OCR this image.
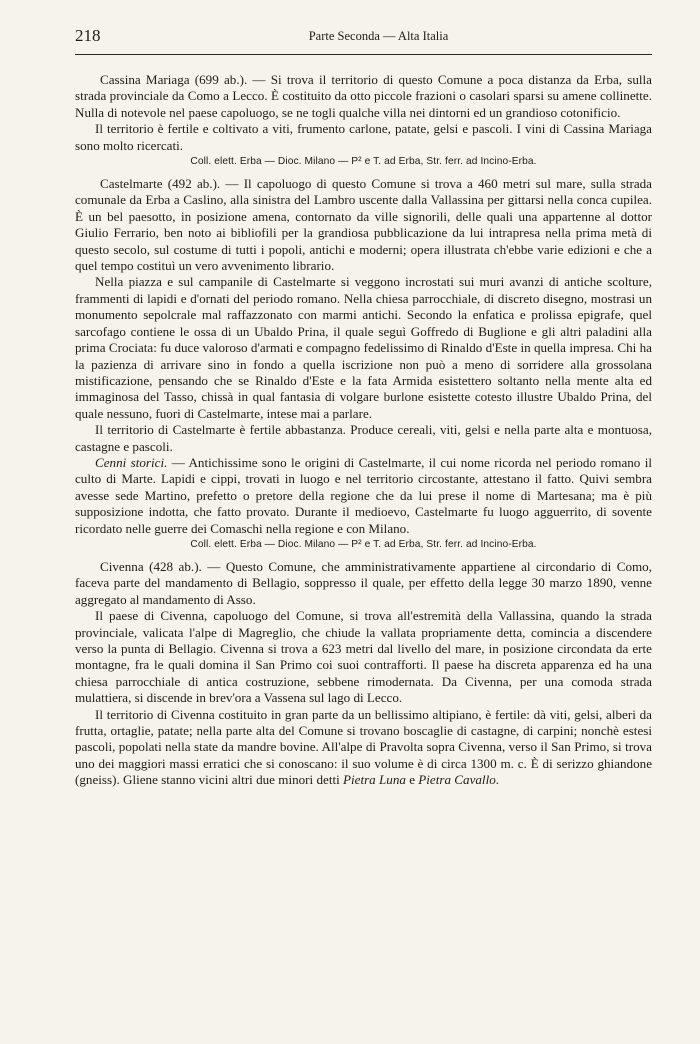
218	Parte Seconda — Alta Italia

Cassina Mariaga (699 ab.). — Si trova il territorio di questo Comune a poca distanza da Erba, sulla strada provinciale da Como a Lecco. È costituito da otto piccole frazioni o casolari sparsi su amene collinette. Nulla di notevole nel paese capoluogo, se ne togli qualche villa nei dintorni ed un grandioso cotonificio.

Il territorio è fertile e coltivato a viti, frumento carlone, patate, gelsi e pascoli. I vini di Cassina Mariaga sono molto ricercati.

Coll. elett. Erba — Dioc. Milano — P² e T. ad Erba, Str. ferr. ad Incino-Erba.

Castelmarte (492 ab.). — Il capoluogo di questo Comune si trova a 460 metri sul mare, sulla strada comunale da Erba a Caslino, alla sinistra del Lambro uscente dalla Vallassina per gittarsi nella conca cupilea. È un bel paesotto, in posizione amena, contornato da ville signorili, delle quali una appartenne al dottor Giulio Ferrario, ben noto ai bibliofili per la grandiosa pubblicazione da lui intrapresa nella prima metà di questo secolo, sul costume di tutti i popoli, antichi e moderni; opera illustrata ch'ebbe varie edizioni e che a quel tempo costituì un vero avvenimento librario.

Nella piazza e sul campanile di Castelmarte si veggono incrostati sui muri avanzi di antiche scolture, frammenti di lapidi e d'ornati del periodo romano. Nella chiesa parrocchiale, di discreto disegno, mostrasi un monumento sepolcrale mal raffazzonato con marmi antichi. Secondo la enfatica e prolissa epigrafe, quel sarcofago contiene le ossa di un Ubaldo Prina, il quale seguì Goffredo di Buglione e gli altri paladini alla prima Crociata: fu duce valoroso d'armati e compagno fedelissimo di Rinaldo d'Este in quella impresa. Chi ha la pazienza di arrivare sino in fondo a quella iscrizione non può a meno di sorridere alla grossolana mistificazione, pensando che se Rinaldo d'Este e la fata Armida esistettero soltanto nella mente alta ed immaginosa del Tasso, chissà in qual fantasia di volgare burlone esistette cotesto illustre Ubaldo Prina, del quale nessuno, fuori di Castelmarte, intese mai a parlare.

Il territorio di Castelmarte è fertile abbastanza. Produce cereali, viti, gelsi e nella parte alta e montuosa, castagne e pascoli.

Cenni storici. — Antichissime sono le origini di Castelmarte, il cui nome ricorda nel periodo romano il culto di Marte. Lapidi e cippi, trovati in luogo e nel territorio circostante, attestano il fatto. Quivi sembra avesse sede Martino, prefetto o pretore della regione che da lui prese il nome di Martesana; ma è più supposizione indotta, che fatto provato. Durante il medioevo, Castelmarte fu luogo agguerrito, di sovente ricordato nelle guerre dei Comaschi nella regione e con Milano.

Coll. elett. Erba — Dioc. Milano — P² e T. ad Erba, Str. ferr. ad Incino-Erba.

Civenna (428 ab.). — Questo Comune, che amministrativamente appartiene al circondario di Como, faceva parte del mandamento di Bellagio, soppresso il quale, per effetto della legge 30 marzo 1890, venne aggregato al mandamento di Asso.

Il paese di Civenna, capoluogo del Comune, si trova all'estremità della Vallassina, quando la strada provinciale, valicata l'alpe di Magreglio, che chiude la vallata propriamente detta, comincia a discendere verso la punta di Bellagio. Civenna si trova a 623 metri dal livello del mare, in posizione circondata da erte montagne, fra le quali domina il San Primo coi suoi contrafforti. Il paese ha discreta apparenza ed ha una chiesa parrocchiale di antica costruzione, sebbene rimodernata. Da Civenna, per una comoda strada mulattiera, si discende in brev'ora a Vassena sul lago di Lecco.

Il territorio di Civenna costituito in gran parte da un bellissimo altipiano, è fertile: dà viti, gelsi, alberi da frutta, ortaglie, patate; nella parte alta del Comune si trovano boscaglie di castagne, di carpini; nonchè estesi pascoli, popolati nella state da mandre bovine. All'alpe di Pravolta sopra Civenna, verso il San Primo, si trova uno dei maggiori massi erratici che si conoscano: il suo volume è di circa 1300 m. c. È di serizzo ghiandone (gneiss). Gliene stanno vicini altri due minori detti Pietra Luna e Pietra Cavallo.
